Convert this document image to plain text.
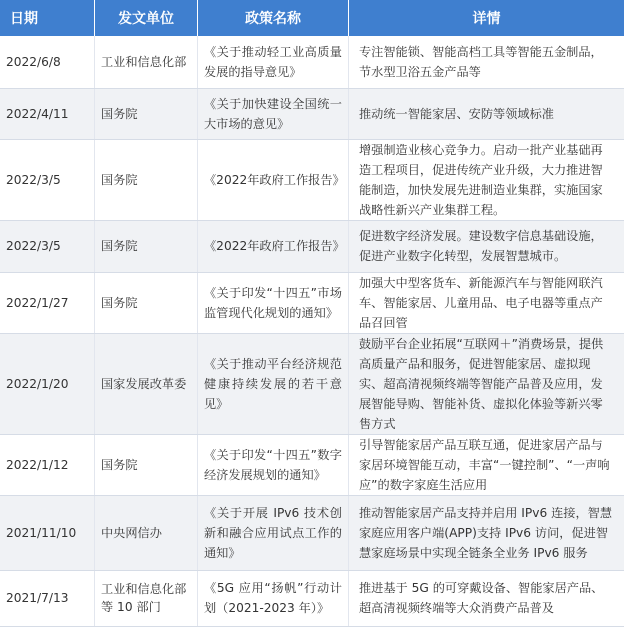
日期	发文单位	政策名称	详情
2022/6/8	工业和信息化部	《关于推动轻工业高质量发展的指导意见》	专注智能锁、智能高档工具等智能五金制品，节水型卫浴五金产品等
2022/4/11	国务院	《关于加快建设全国统一大市场的意见》	推动统一智能家居、安防等领域标准
2022/3/5	国务院	《2022年政府工作报告》	增强制造业核心竞争力。启动一批产业基础再造工程项目，促进传统产业升级，大力推进智能制造，加快发展先进制造业集群，实施国家战略性新兴产业集群工程。
2022/3/5	国务院	《2022年政府工作报告》	促进数字经济发展。建设数字信息基础设施，促进产业数字化转型，发展智慧城市。
2022/1/27	国务院	《关于印发“十四五”市场监管现代化规划的通知》	加强大中型客货车、新能源汽车与智能网联汽车、智能家居、儿童用品、电子电器等重点产品召回管
2022/1/20	国家发展改革委	《关于推动平台经济规范健康持续发展的若干意见》	鼓励平台企业拓展“互联网＋”消费场景，提供高质量产品和服务，促进智能家居、虚拟现实、超高清视频终端等智能产品普及应用，发展智能导购、智能补货、虚拟化体验等新兴零售方式
2022/1/12	国务院	《关于印发“十四五”数字经济发展规划的通知》	引导智能家居产品互联互通，促进家居产品与家居环境智能互动，丰富“一键控制”、“一声响应”的数字家庭生活应用
2021/11/10	中央网信办	《关于开展 IPv6 技术创新和融合应用试点工作的通知》	推动智能家居产品支持并启用 IPv6 连接，智慧家庭应用客户端(APP)支持 IPv6 访问，促进智慧家庭场景中实现全链条全业务 IPv6 服务
2021/7/13	工业和信息化部等 10 部门	《5G 应用“扬帆”行动计划（2021-2023 年）》	推进基于 5G 的可穿戴设备、智能家居产品、超高清视频终端等大众消费产品普及
